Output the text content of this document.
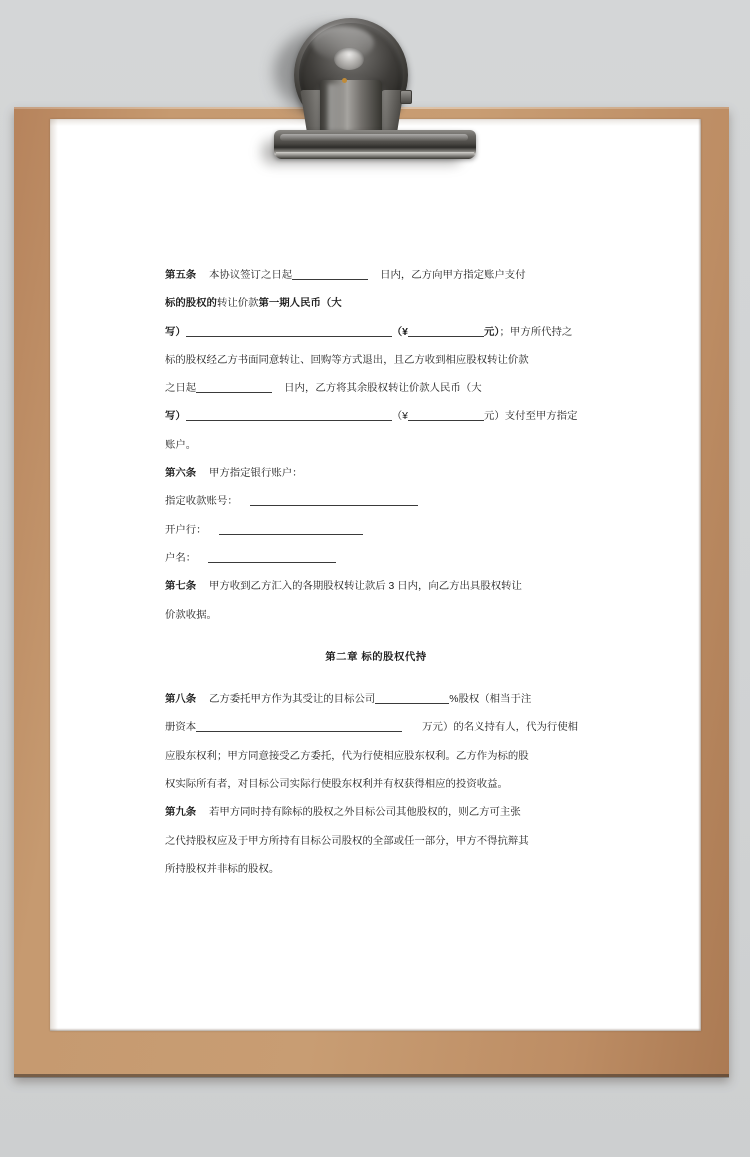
第五条 本协议签订之日起	日内，乙方向甲方指定账户支付
标的股权的转让价款第一期人民币（大
写）	（¥	元）；甲方所代持之
标的股权经乙方书面同意转让、回购等方式退出，且乙方收到相应股权转让价款
之日起	日内，乙方将其余股权转让价款人民币（大
写）	（¥	元）支付至甲方指定
账户。
第六条 甲方指定银行账户：
指定收款账号：
开户行：
户名：
第七条 甲方收到乙方汇入的各期股权转让款后 3 日内，向乙方出具股权转让
价款收据。
第二章 标的股权代持
第八条 乙方委托甲方作为其受让的目标公司	%股权（相当于注
册资本	万元）的名义持有人，代为行使相
应股东权利；甲方同意接受乙方委托，代为行使相应股东权利。乙方作为标的股
权实际所有者，对目标公司实际行使股东权利并有权获得相应的投资收益。
第九条 若甲方同时持有除标的股权之外目标公司其他股权的，则乙方可主张
之代持股权应及于甲方所持有目标公司股权的全部或任一部分，甲方不得抗辩其
所持股权并非标的股权。
